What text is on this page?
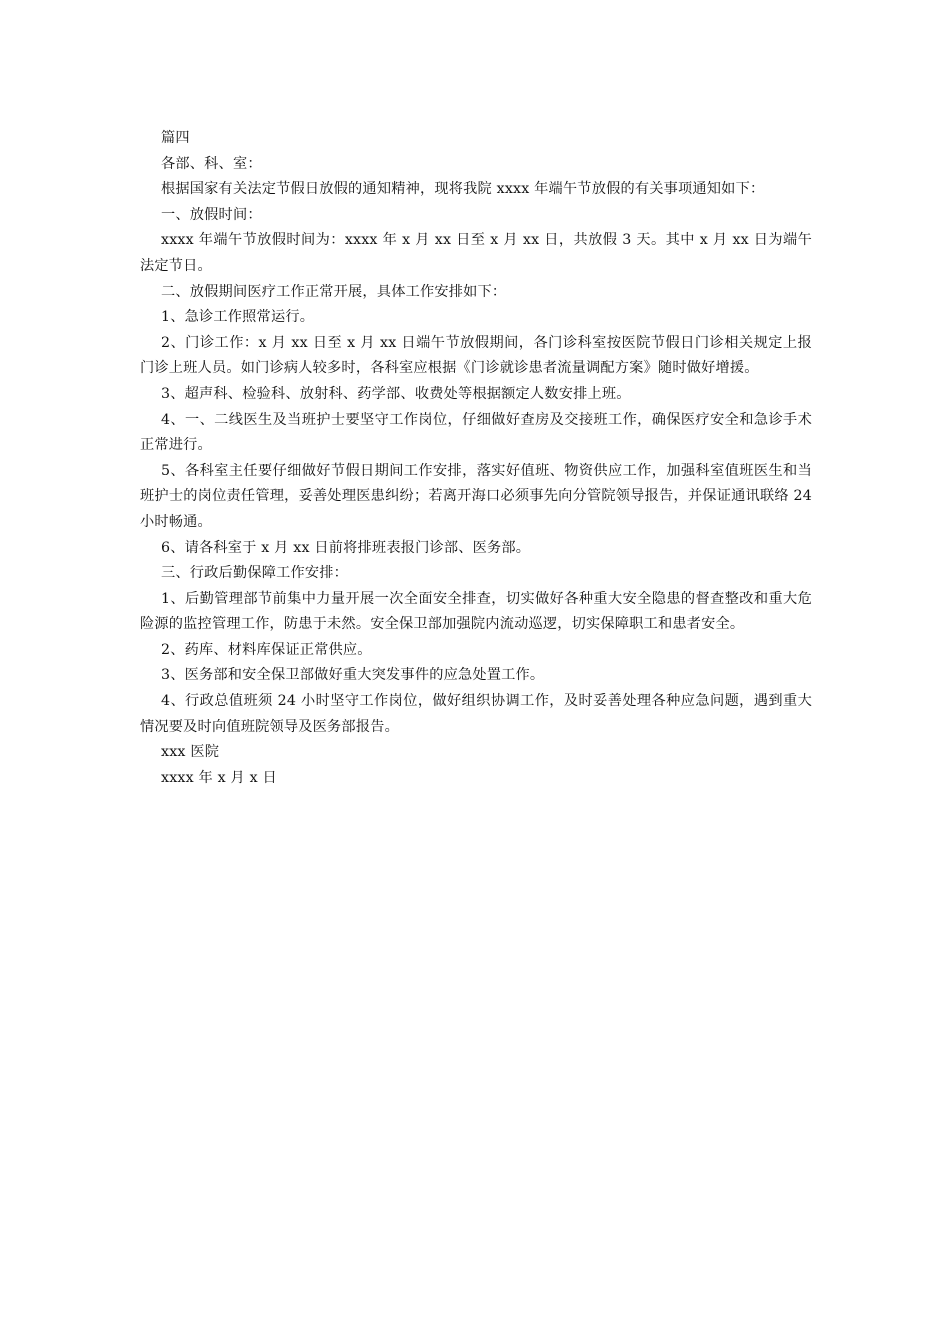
篇四

各部、科、室：

根据国家有关法定节假日放假的通知精神，现将我院 xxxx 年端午节放假的有关事项通知如下：

一、放假时间：

xxxx 年端午节放假时间为：xxxx 年 x 月 xx 日至 x 月 xx 日，共放假 3 天。其中 x 月 xx 日为端午法定节日。

二、放假期间医疗工作正常开展，具体工作安排如下：

1、急诊工作照常运行。

2、门诊工作：x 月 xx 日至 x 月 xx 日端午节放假期间，各门诊科室按医院节假日门诊相关规定上报门诊上班人员。如门诊病人较多时，各科室应根据《门诊就诊患者流量调配方案》随时做好增援。

3、超声科、检验科、放射科、药学部、收费处等根据额定人数安排上班。

4、一、二线医生及当班护士要坚守工作岗位，仔细做好查房及交接班工作，确保医疗安全和急诊手术正常进行。

5、各科室主任要仔细做好节假日期间工作安排，落实好值班、物资供应工作，加强科室值班医生和当班护士的岗位责任管理，妥善处理医患纠纷；若离开海口必须事先向分管院领导报告，并保证通讯联络 24 小时畅通。

6、请各科室于 x 月 xx 日前将排班表报门诊部、医务部。

三、行政后勤保障工作安排：

1、后勤管理部节前集中力量开展一次全面安全排查，切实做好各种重大安全隐患的督查整改和重大危险源的监控管理工作，防患于未然。安全保卫部加强院内流动巡逻，切实保障职工和患者安全。

2、药库、材料库保证正常供应。

3、医务部和安全保卫部做好重大突发事件的应急处置工作。

4、行政总值班须 24 小时坚守工作岗位，做好组织协调工作，及时妥善处理各种应急问题，遇到重大情况要及时向值班院领导及医务部报告。

xxx 医院

xxxx 年 x 月 x 日
